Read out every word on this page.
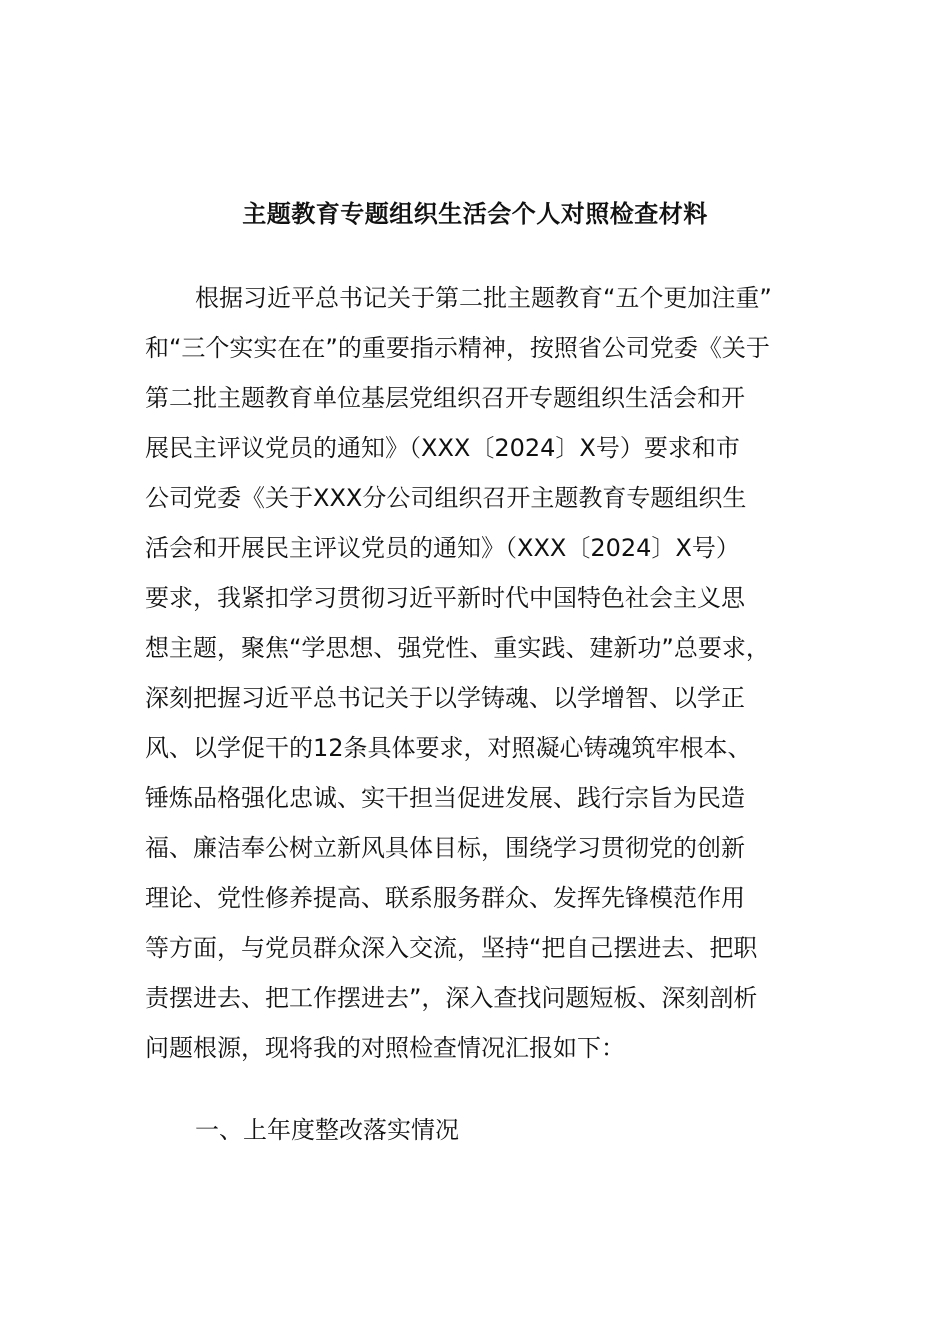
主题教育专题组织生活会个人对照检查材料
根据习近平总书记关于第二批主题教育“五个更加注重”
和“三个实实在在”的重要指示精神，按照省公司党委《关于
第二批主题教育单位基层党组织召开专题组织生活会和开
展民主评议党员的通知》（XXX〔2024〕X号）要求和市
公司党委《关于XXX分公司组织召开主题教育专题组织生
活会和开展民主评议党员的通知》（XXX〔2024〕X号）
要求，我紧扣学习贯彻习近平新时代中国特色社会主义思
想主题，聚焦“学思想、强党性、重实践、建新功”总要求，
深刻把握习近平总书记关于以学铸魂、以学增智、以学正
风、以学促干的12条具体要求，对照凝心铸魂筑牢根本、
锤炼品格强化忠诚、实干担当促进发展、践行宗旨为民造
福、廉洁奉公树立新风具体目标，围绕学习贯彻党的创新
理论、党性修养提高、联系服务群众、发挥先锋模范作用
等方面，与党员群众深入交流，坚持“把自己摆进去、把职
责摆进去、把工作摆进去”，深入查找问题短板、深刻剖析
问题根源，现将我的对照检查情况汇报如下：
一、上年度整改落实情况
